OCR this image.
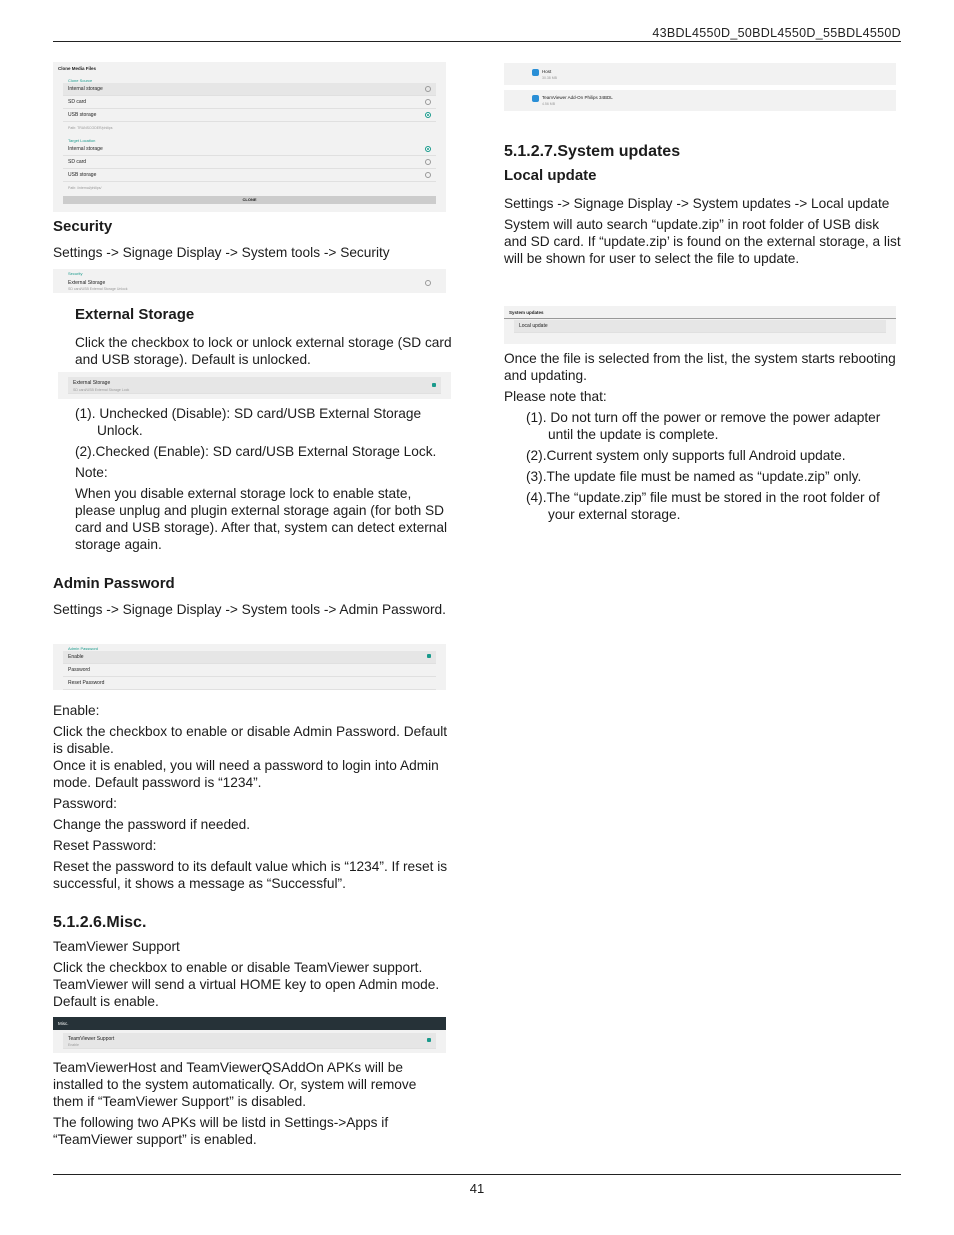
43BDL4550D_50BDL4550D_55BDL4550D
41
Clone Media Files
Clone Source
Internal storage
SD card
USB storage
Path: TRANSCODER/philips
Target Location
Internal storage
SD card
USB storage
Path: /internal/philips/
CLONE

Security

Settings -> Signage Display -> System tools -> Security

Security
External Storage
SD card/USB External Storage Unlock

External Storage

Click the checkbox to lock or unlock external storage (SD card and USB storage). Default is unlocked.

External Storage
SD card/USB External Storage Lock

(1). Unchecked (Disable): SD card/USB External Storage Unlock.

(2).Checked (Enable): SD card/USB External Storage Lock.

Note:

When you disable external storage lock to enable state, please unplug and plugin external storage again (for both SD card and USB storage). After that, system can detect external storage again.

Admin Password

Settings -> Signage Display -> System tools -> Admin Password.

Admin Password
Enable
Password
Reset Password

Enable:

Click the checkbox to enable or disable Admin Password. Default is disable.

Once it is enabled, you will need a password to login into Admin mode. Default password is “1234”.

Password:

Change the password if needed.

Reset Password:

Reset the password to its default value which is “1234”. If reset is successful, it shows a message as “Successful”.

5.1.2.6.Misc.

TeamViewer Support

Click the checkbox to enable or disable TeamViewer support. TeamViewer will send a virtual HOME key to open Admin mode. Default is enable.

Misc.
TeamViewer Support
Enable

TeamViewerHost and TeamViewerQSAddOn APKs will be installed to the system automatically. Or, system will remove them if “TeamViewer Support” is disabled.

The following two APKs will be listd in Settings->Apps if “TeamViewer support” is enabled.

Host
30.38 MB
TeamViewer Add-On Philips 34BDL
4.56 MB

5.1.2.7.System updates

Local update

Settings -> Signage Display -> System updates -> Local update

System will auto search “update.zip” in root folder of USB disk and SD card. If “update.zip’ is found on the external storage, a list will be shown for user to select the file to update.

System updates
Local update

Once the file is selected from the list, the system starts rebooting and updating.

Please note that:

(1). Do not turn off the power or remove the power adapter until the update is complete.

(2).Current system only supports full Android update.

(3).The update file must be named as “update.zip” only.

(4).The “update.zip” file must be stored in the root folder of your external storage.
